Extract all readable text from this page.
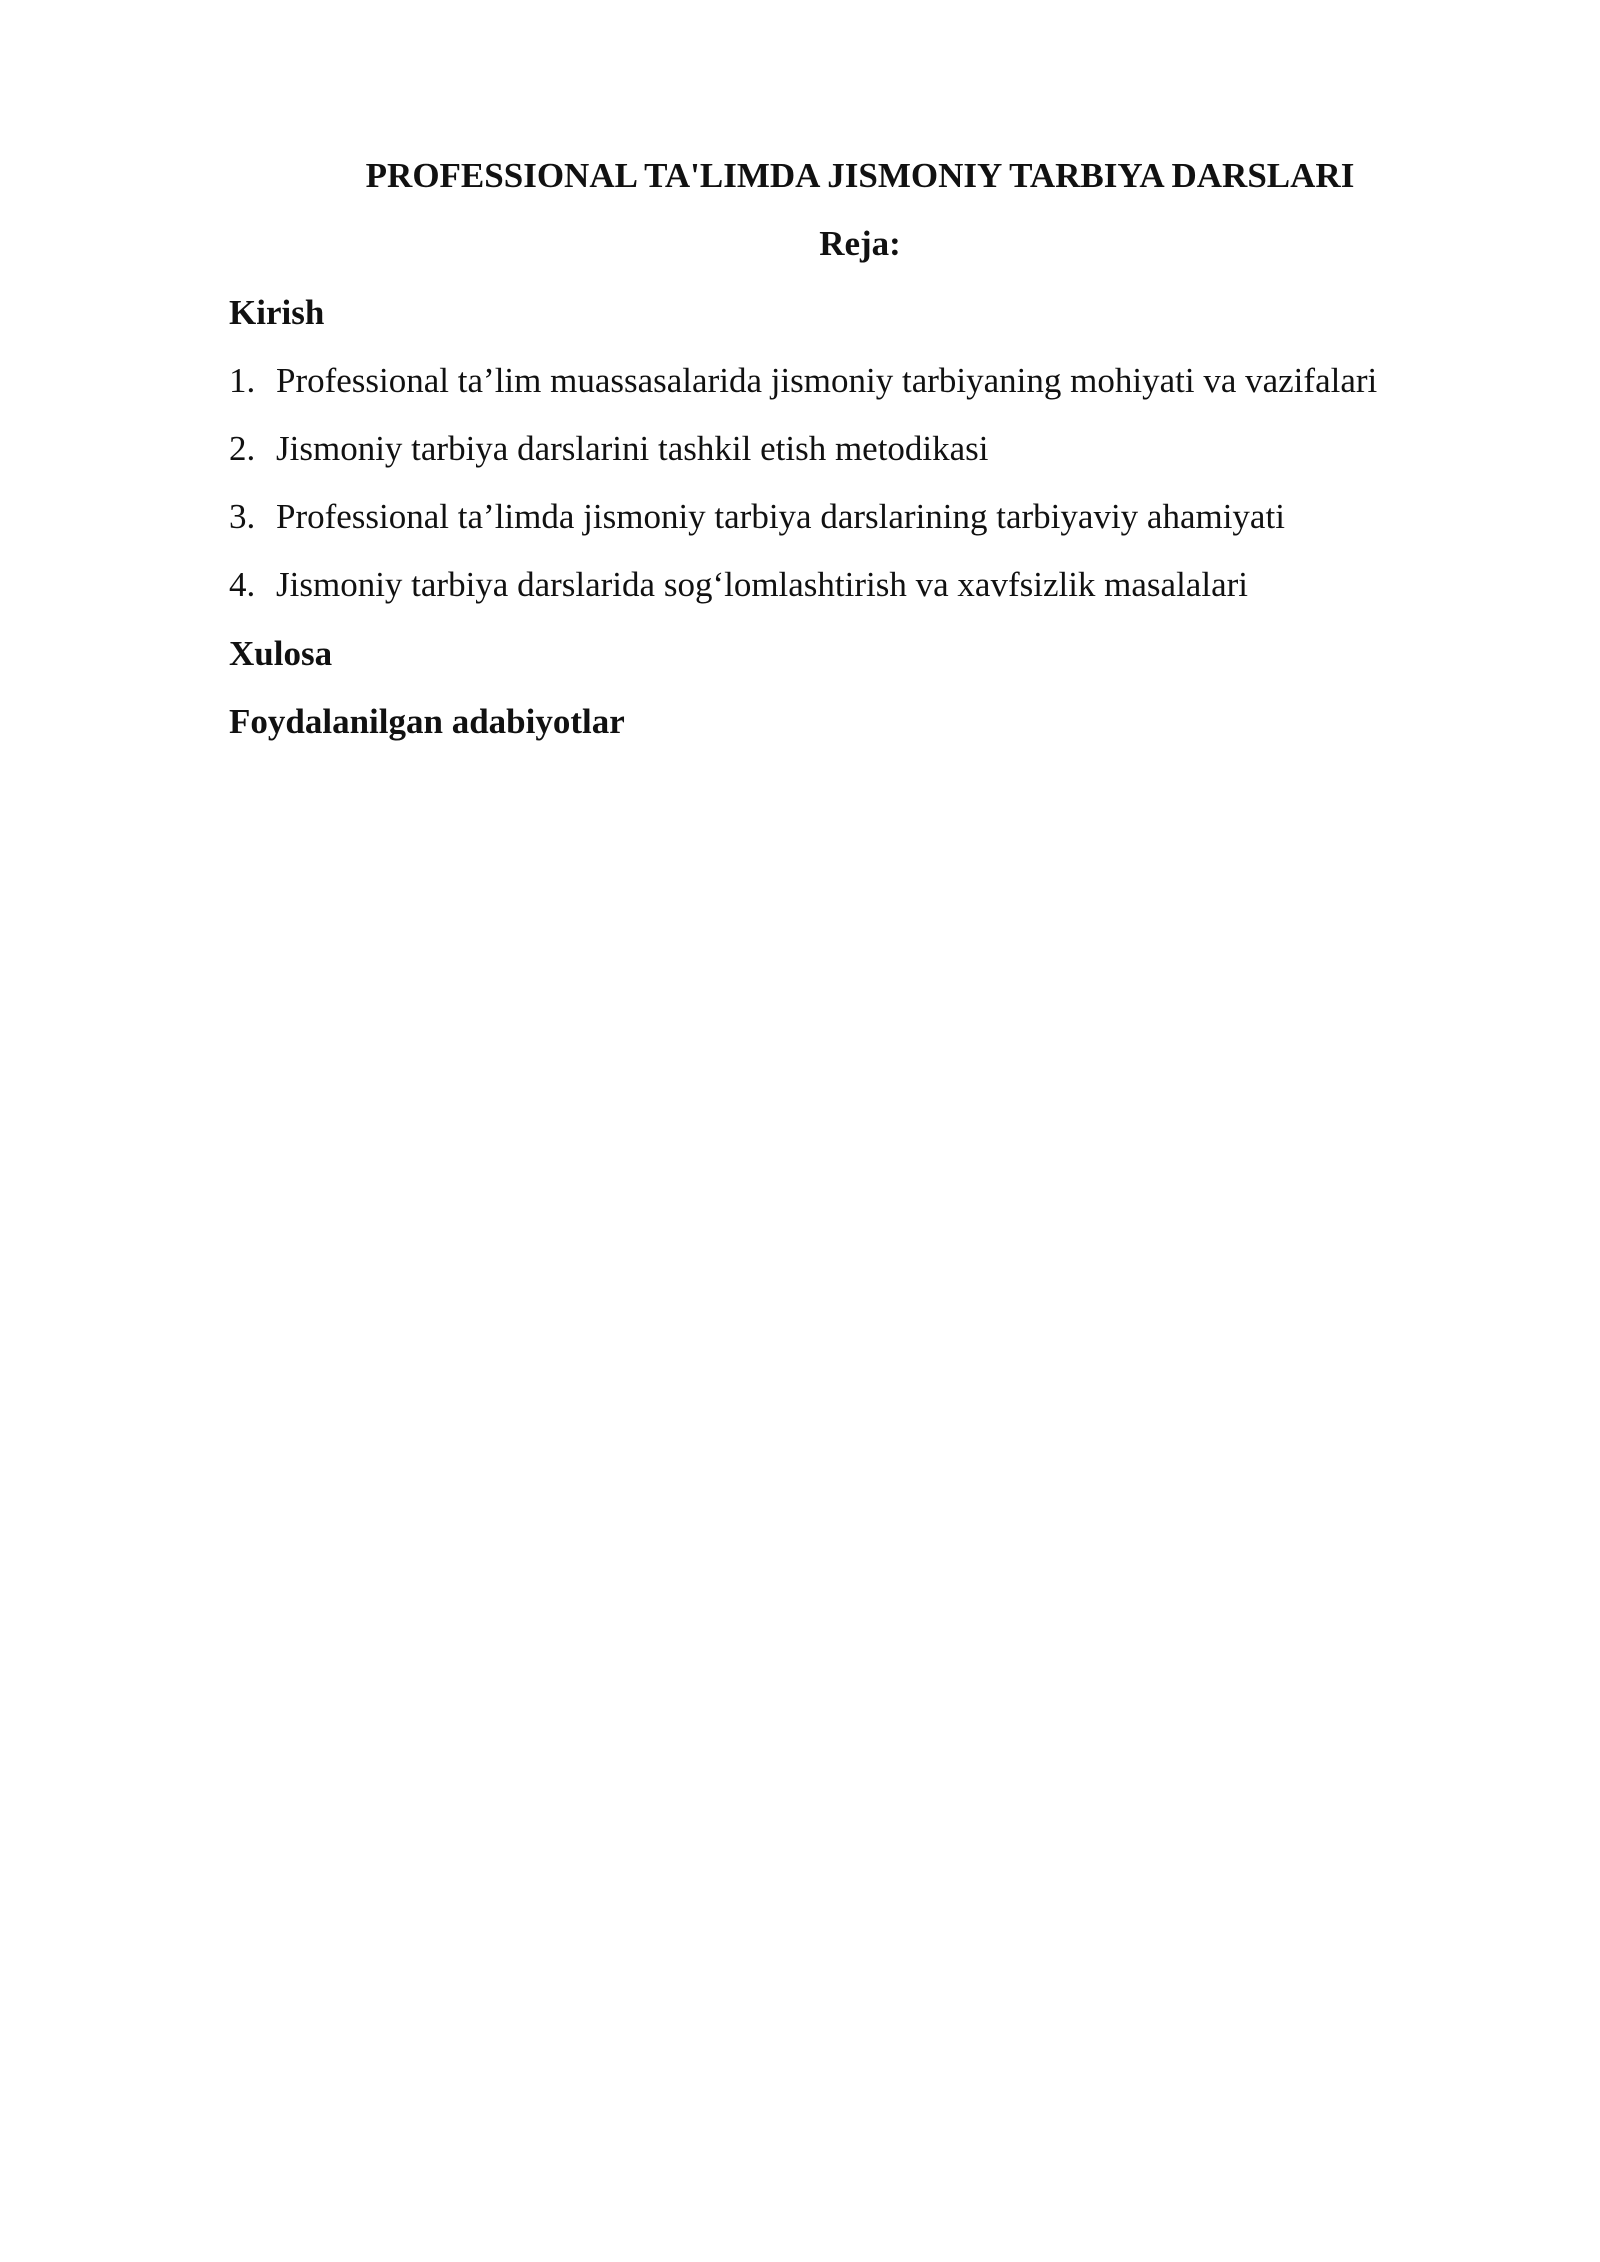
PROFESSIONAL TA'LIMDA JISMONIY TARBIYA DARSLARI
Reja:
Kirish
1. Professional ta’lim muassasalarida jismoniy tarbiyaning mohiyati va vazifalari
2. Jismoniy tarbiya darslarini tashkil etish metodikasi
3. Professional ta’limda jismoniy tarbiya darslarining tarbiyaviy ahamiyati
4. Jismoniy tarbiya darslarida sog‘lomlashtirish va xavfsizlik masalalari
Xulosa
Foydalanilgan adabiyotlar
